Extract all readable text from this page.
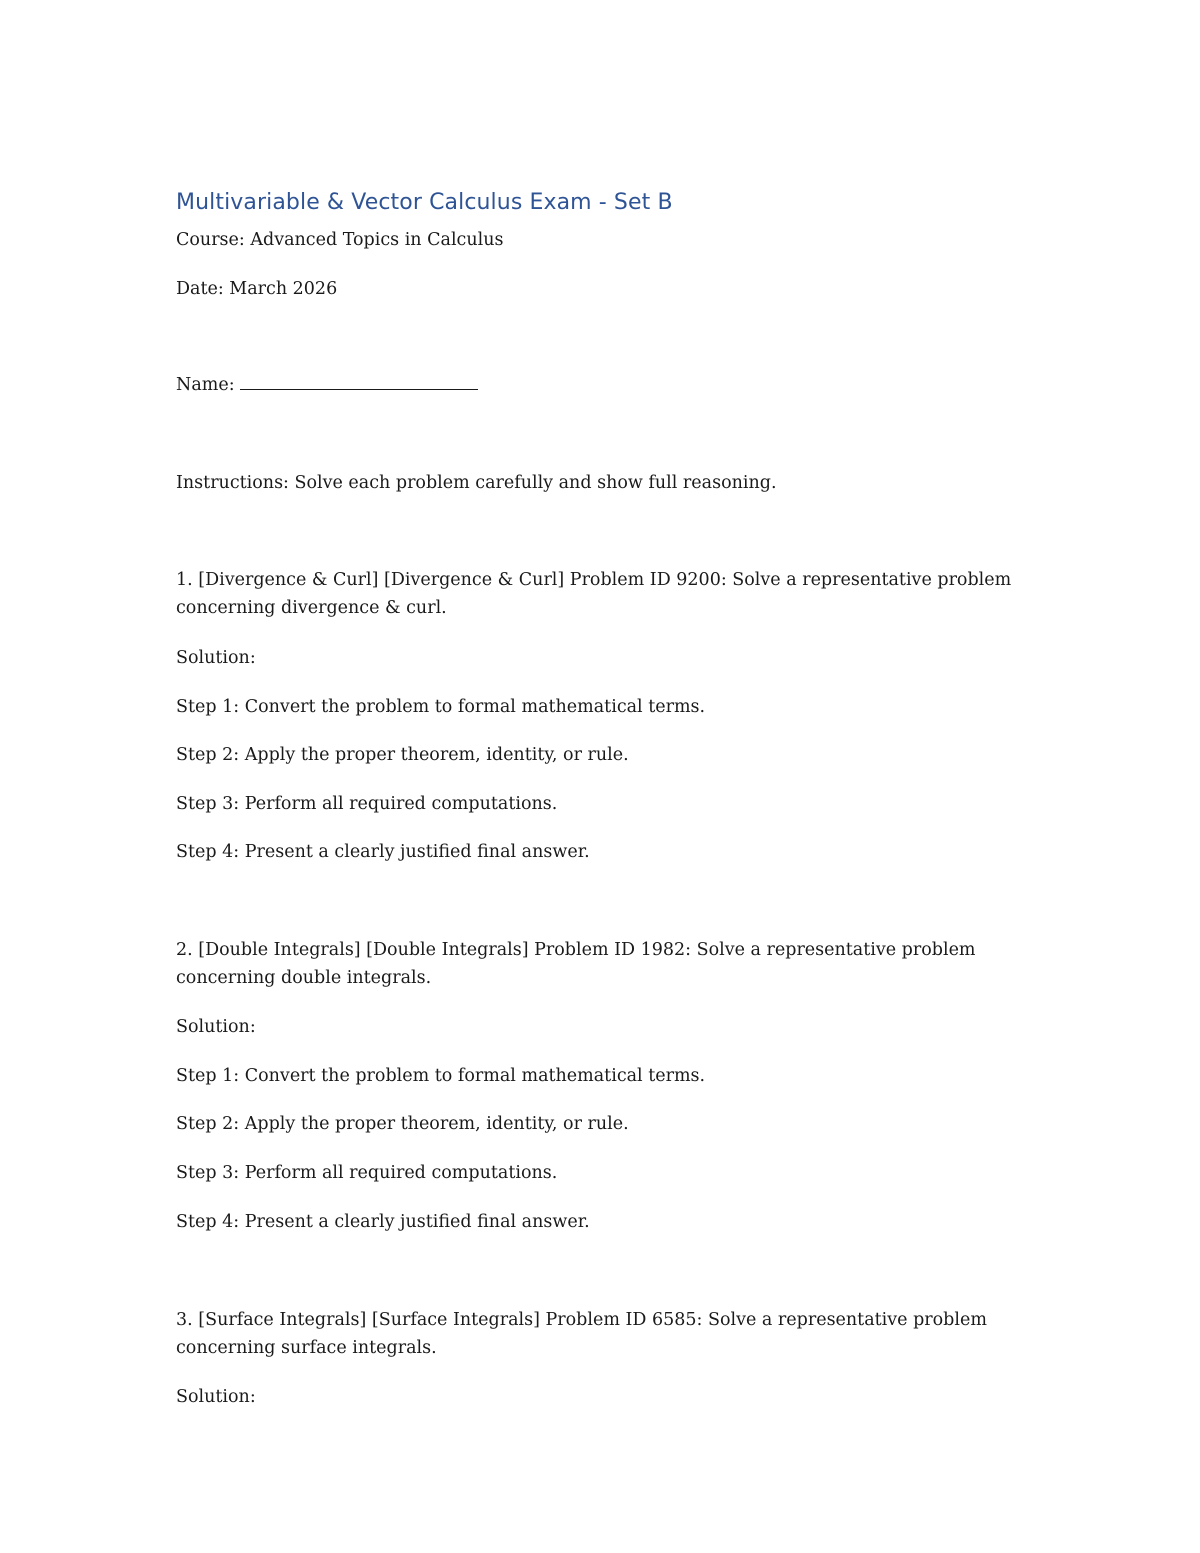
Multivariable & Vector Calculus Exam - Set B

Course: Advanced Topics in Calculus

Date: March 2026

Name:

Instructions: Solve each problem carefully and show full reasoning.

1. [Divergence & Curl] [Divergence & Curl] Problem ID 9200: Solve a representative problem concerning divergence & curl.

Solution:

Step 1: Convert the problem to formal mathematical terms.

Step 2: Apply the proper theorem, identity, or rule.

Step 3: Perform all required computations.

Step 4: Present a clearly justified final answer.

2. [Double Integrals] [Double Integrals] Problem ID 1982: Solve a representative problem concerning double integrals.

Solution:

Step 1: Convert the problem to formal mathematical terms.

Step 2: Apply the proper theorem, identity, or rule.

Step 3: Perform all required computations.

Step 4: Present a clearly justified final answer.

3. [Surface Integrals] [Surface Integrals] Problem ID 6585: Solve a representative problem concerning surface integrals.

Solution:
